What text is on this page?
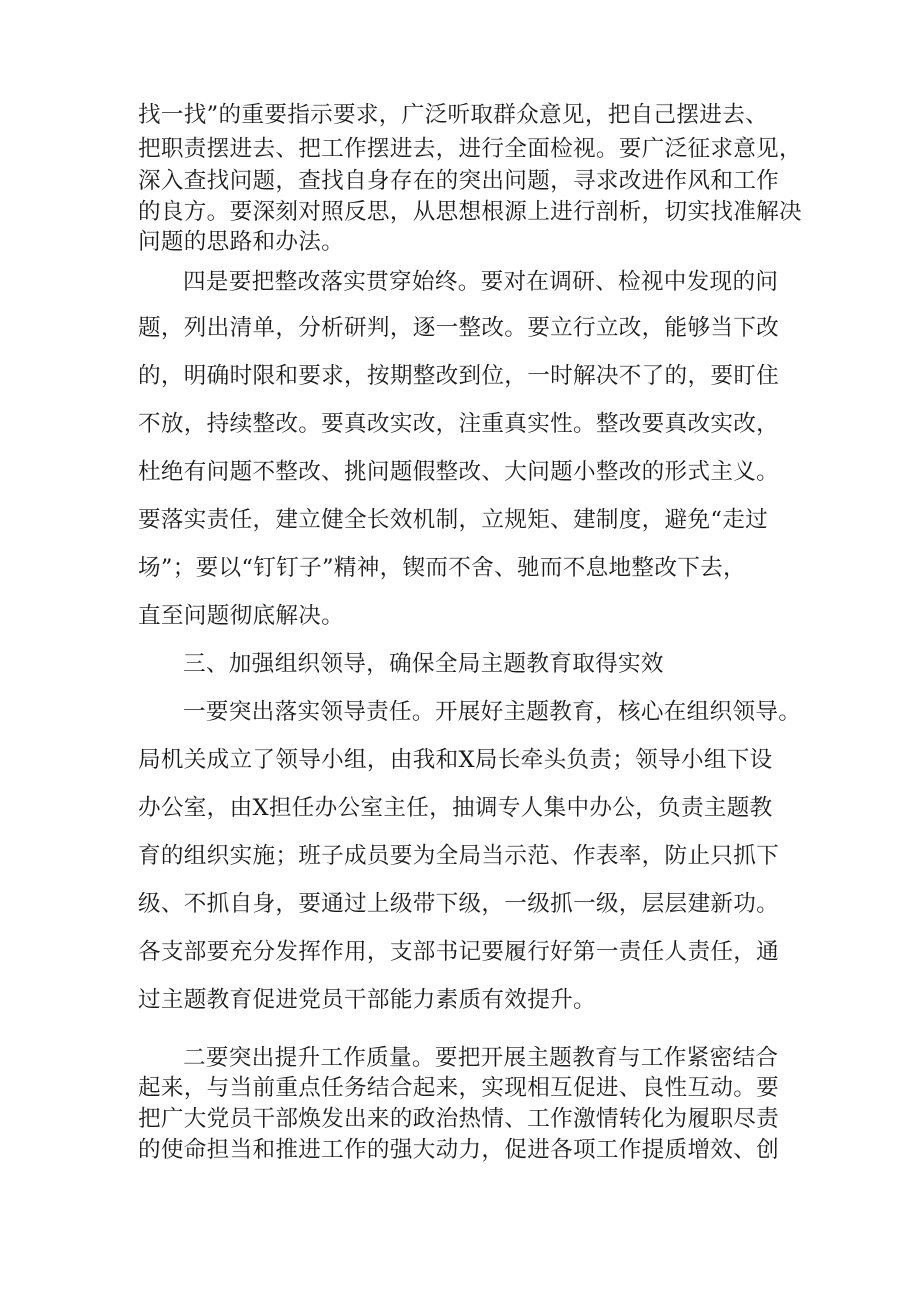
找一找”的重要指示要求，广泛听取群众意见，把自己摆进去、

把职责摆进去、把工作摆进去，进行全面检视。要广泛征求意见，

深入查找问题，查找自身存在的突出问题，寻求改进作风和工作

的良方。要深刻对照反思，从思想根源上进行剖析，切实找准解决

问题的思路和办法。

四是要把整改落实贯穿始终。要对在调研、检视中发现的问

题，列出清单，分析研判，逐一整改。要立行立改，能够当下改

的，明确时限和要求，按期整改到位，一时解决不了的，要盯住

不放，持续整改。要真改实改，注重真实性。整改要真改实改，

杜绝有问题不整改、挑问题假整改、大问题小整改的形式主义。

要落实责任，建立健全长效机制，立规矩、建制度，避免“走过

场”；要以“钉钉子”精神，锲而不舍、驰而不息地整改下去，

直至问题彻底解决。

三、加强组织领导，确保全局主题教育取得实效

一要突出落实领导责任。开展好主题教育，核心在组织领导。

局机关成立了领导小组，由我和X局长牵头负责；领导小组下设

办公室，由X担任办公室主任，抽调专人集中办公，负责主题教

育的组织实施；班子成员要为全局当示范、作表率，防止只抓下

级、不抓自身，要通过上级带下级，一级抓一级，层层建新功。

各支部要充分发挥作用，支部书记要履行好第一责任人责任，通

过主题教育促进党员干部能力素质有效提升。

二要突出提升工作质量。要把开展主题教育与工作紧密结合

起来，与当前重点任务结合起来，实现相互促进、良性互动。要

把广大党员干部焕发出来的政治热情、工作激情转化为履职尽责

的使命担当和推进工作的强大动力，促进各项工作提质增效、创
